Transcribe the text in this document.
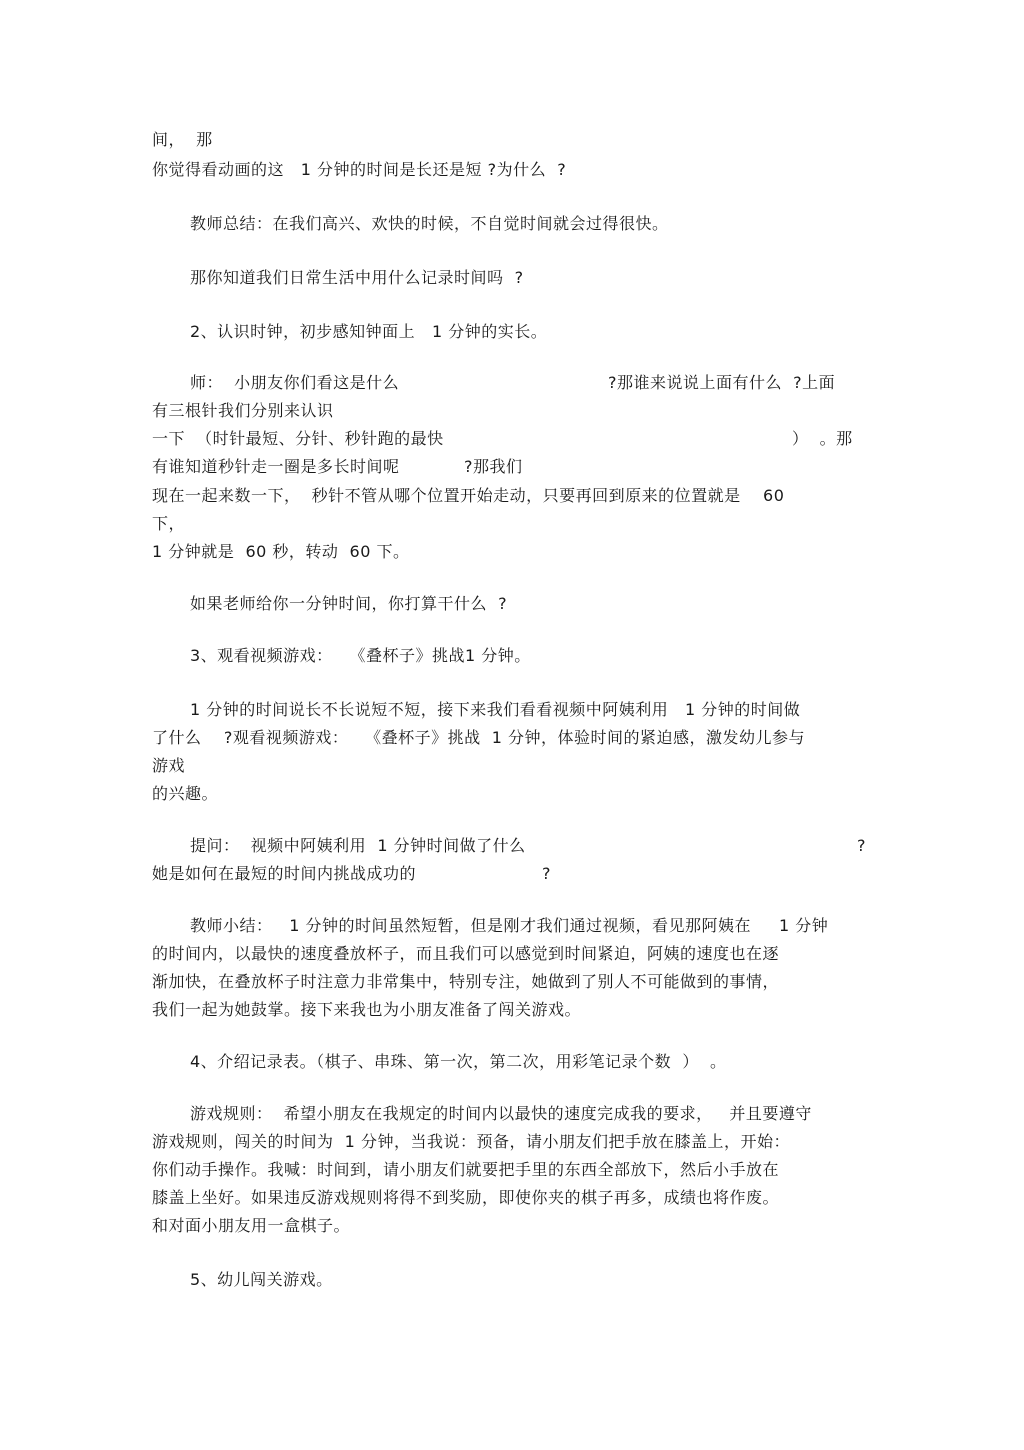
间，  那
你觉得看动画的这   1 分钟的时间是长还是短 ?为什么  ?
教师总结：在我们高兴、欢快的时候，不自觉时间就会过得很快。
那你知道我们日常生活中用什么记录时间吗  ?
2、认识时钟，初步感知钟面上   1 分钟的实长。
师：  小朋友你们看这是什么	?那谁来说说上面有什么  ?上面
有三根针我们分别来认识
一下  （时针最短、分针、秒针跑的最快	）  。那
有谁知道秒针走一圈是多长时间呢	?那我们
现在一起来数一下，  秒针不管从哪个位置开始走动，只要再回到原来的位置就是    60
下，
1 分钟就是  60 秒，转动  60 下。
如果老师给你一分钟时间，你打算干什么  ?
3、观看视频游戏：   《叠杯子》挑战1 分钟。
1 分钟的时间说长不长说短不短，接下来我们看看视频中阿姨利用   1 分钟的时间做
了什么    ?观看视频游戏：   《叠杯子》挑战  1 分钟，体验时间的紧迫感，激发幼儿参与
游戏
的兴趣。
提问：  视频中阿姨利用  1 分钟时间做了什么	?
她是如何在最短的时间内挑战成功的	?
教师小结：   1 分钟的时间虽然短暂，但是刚才我们通过视频，看见那阿姨在     1 分钟
的时间内，以最快的速度叠放杯子，而且我们可以感觉到时间紧迫，阿姨的速度也在逐
渐加快，在叠放杯子时注意力非常集中，特别专注，她做到了别人不可能做到的事情，
我们一起为她鼓掌。接下来我也为小朋友准备了闯关游戏。
4、介绍记录表。（棋子、串珠、第一次，第二次，用彩笔记录个数  ）  。
游戏规则：  希望小朋友在我规定的时间内以最快的速度完成我的要求，   并且要遵守
游戏规则，闯关的时间为  1 分钟，当我说：预备，请小朋友们把手放在膝盖上，开始：
你们动手操作。我喊：时间到，请小朋友们就要把手里的东西全部放下，然后小手放在
膝盖上坐好。如果违反游戏规则将得不到奖励，即使你夹的棋子再多，成绩也将作废。
和对面小朋友用一盒棋子。
5、幼儿闯关游戏。
